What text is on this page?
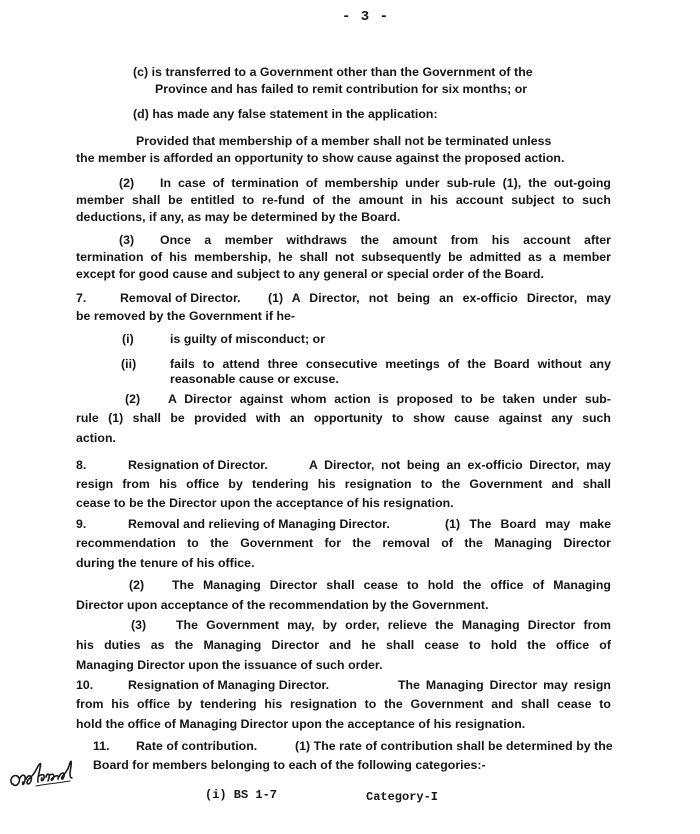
- 3 -
(c) is transferred to a Government other than the Government of the
Province and has failed to remit contribution for six months; or
(d) has made any false statement in the application:
Provided that membership of a member shall not be terminated unless
the member is afforded an opportunity to show cause against the proposed action.
(2) In case of termination of membership under sub-rule (1), the out-going
member shall be entitled to re-fund of the amount in his account subject to such
deductions, if any, as may be determined by the Board.
(3) Once a member withdraws the amount from his account after
termination of his membership, he shall not subsequently be admitted as a member
except for good cause and subject to any general or special order of the Board.
7.	Removal of Director. (1) A Director, not being an ex-officio Director, may
be removed by the Government if he-
(i)	is guilty of misconduct; or
(ii)	fails to attend three consecutive meetings of the Board without any
reasonable cause or excuse.
(2) A Director against whom action is proposed to be taken under sub-
rule (1) shall be provided with an opportunity to show cause against any such
action.
8.	Resignation of Director.	A Director, not being an ex-officio Director, may
resign from his office by tendering his resignation to the Government and shall
cease to be the Director upon the acceptance of his resignation.
9.	Removal and relieving of Managing Director.	(1) The Board may make
recommendation to the Government for the removal of the Managing Director
during the tenure of his office.
(2) The Managing Director shall cease to hold the office of Managing
Director upon acceptance of the recommendation by the Government.
(3) The Government may, by order, relieve the Managing Director from
his duties as the Managing Director and he shall cease to hold the office of
Managing Director upon the issuance of such order.
10.	Resignation of Managing Director.	The Managing Director may resign
from his office by tendering his resignation to the Government and shall cease to
hold the office of Managing Director upon the acceptance of his resignation.
11. Rate of contribution.	(1) The rate of contribution shall be determined by the
Board for members belonging to each of the following categories:-
(i) BS 1-7	Category-I
